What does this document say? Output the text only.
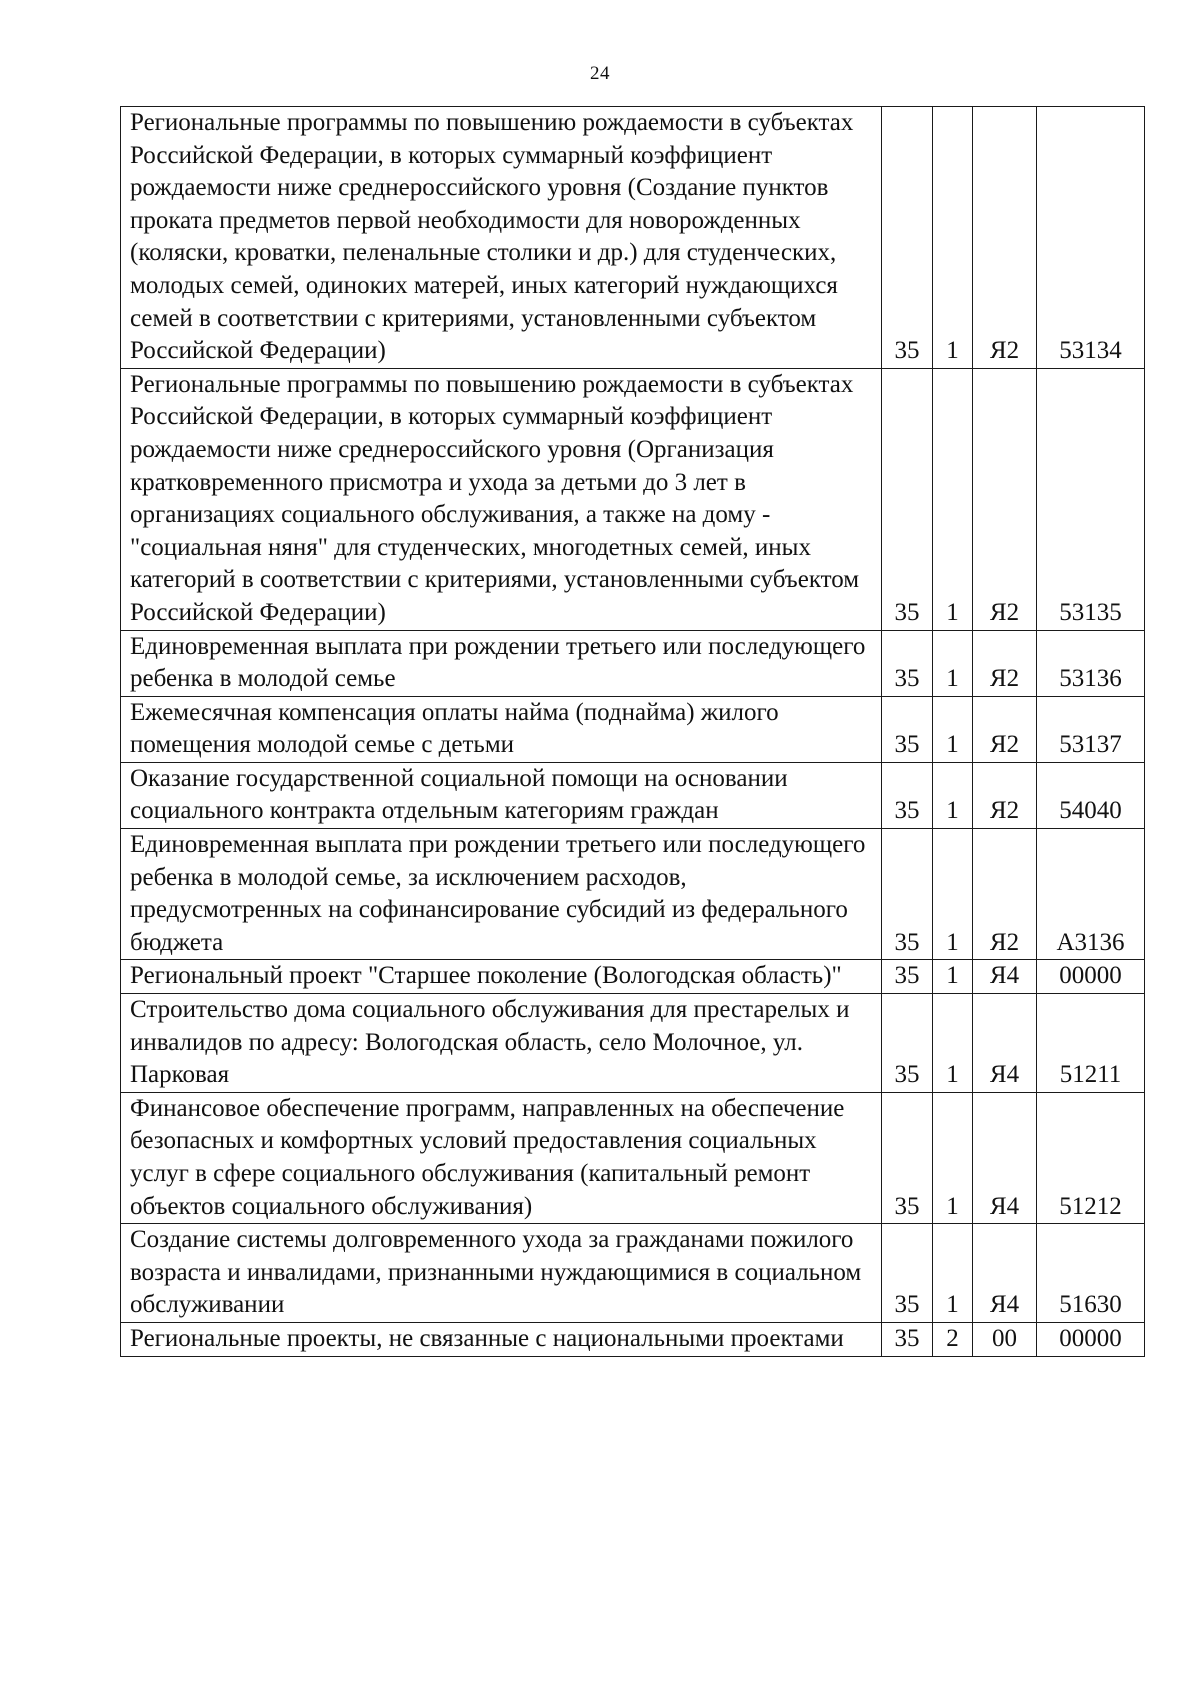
24
Региональные программы по повышению рождаемости в субъектах Российской Федерации, в которых суммарный коэффициент рождаемости ниже среднероссийского уровня (Создание пунктов проката предметов первой необходимости для новорожденных (коляски, кроватки, пеленальные столики и др.) для студенческих, молодых семей, одиноких матерей, иных категорий нуждающихся семей в соответствии с критериями, установленными субъектом Российской Федерации)	35	1	Я2	53134
Региональные программы по повышению рождаемости в субъектах Российской Федерации, в которых суммарный коэффициент рождаемости ниже среднероссийского уровня (Организация кратковременного присмотра и ухода за детьми до 3 лет в организациях социального обслуживания, а также на дому - "социальная няня" для студенческих, многодетных семей, иных категорий в соответствии с критериями, установленными субъектом Российской Федерации)	35	1	Я2	53135
Единовременная выплата при рождении третьего или последующего ребенка в молодой семье	35	1	Я2	53136
Ежемесячная компенсация оплаты найма (поднайма) жилого помещения молодой семье с детьми	35	1	Я2	53137
Оказание государственной социальной помощи на основании социального контракта отдельным категориям граждан	35	1	Я2	54040
Единовременная выплата при рождении третьего или последующего ребенка в молодой семье, за исключением расходов, предусмотренных на софинансирование субсидий из федерального бюджета	35	1	Я2	А3136
Региональный проект "Старшее поколение (Вологодская область)"	35	1	Я4	00000
Строительство дома социального обслуживания для престарелых и инвалидов по адресу: Вологодская область, село Молочное, ул. Парковая	35	1	Я4	51211
Финансовое обеспечение программ, направленных на обеспечение безопасных и комфортных условий предоставления социальных услуг в сфере социального обслуживания (капитальный ремонт объектов социального обслуживания)	35	1	Я4	51212
Создание системы долговременного ухода за гражданами пожилого возраста и инвалидами, признанными нуждающимися в социальном обслуживании	35	1	Я4	51630
Региональные проекты, не связанные с национальными проектами	35	2	00	00000
